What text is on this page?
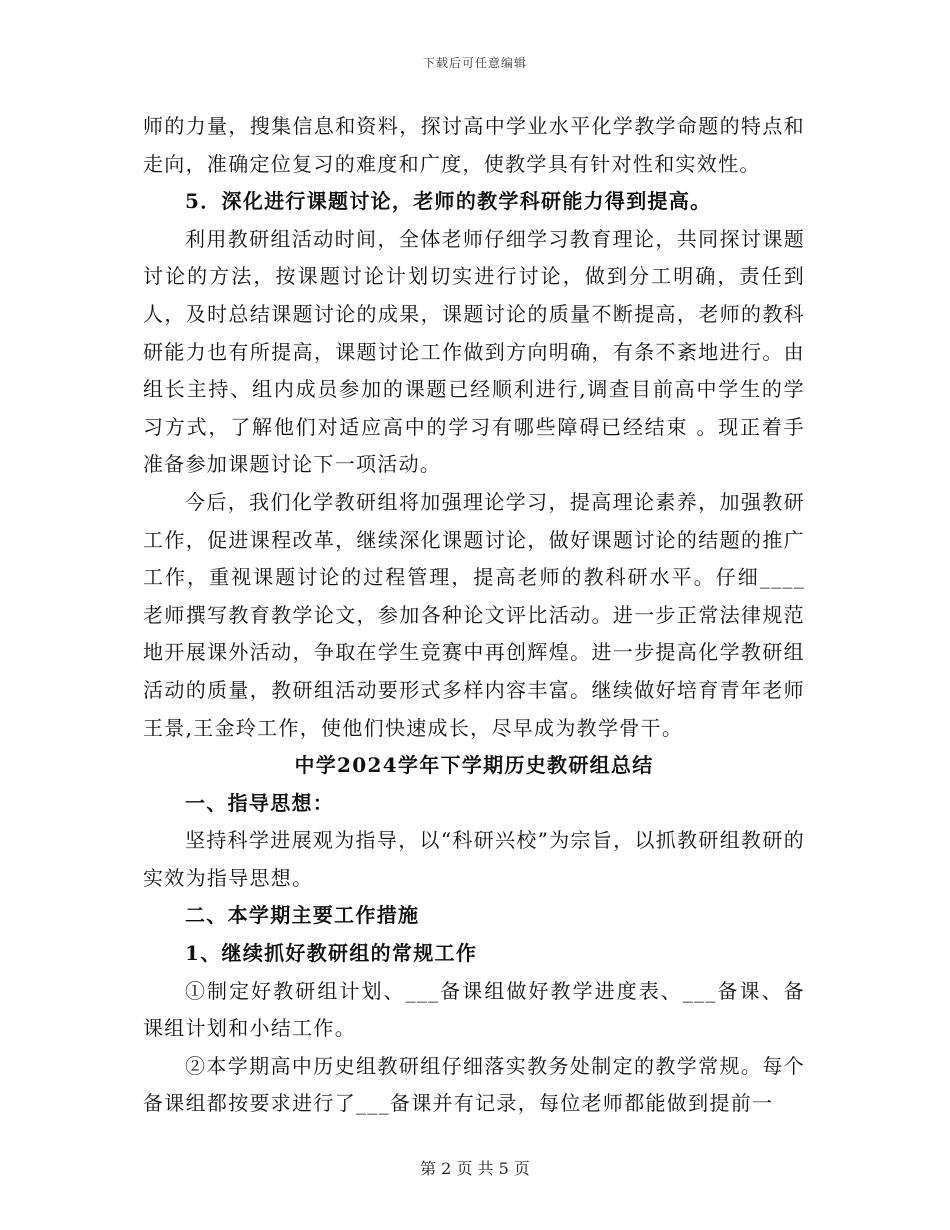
下载后可任意编辑

师的力量，搜集信息和资料，探讨高中学业水平化学教学命题的特点和走向，准确定位复习的难度和广度，使教学具有针对性和实效性。

5．深化进行课题讨论，老师的教学科研能力得到提高。

利用教研组活动时间，全体老师仔细学习教育理论，共同探讨课题讨论的方法，按课题讨论计划切实进行讨论，做到分工明确，责任到人，及时总结课题讨论的成果，课题讨论的质量不断提高，老师的教科研能力也有所提高，课题讨论工作做到方向明确，有条不紊地进行。由组长主持、组内成员参加的课题已经顺利进行,调查目前高中学生的学习方式，了解他们对适应高中的学习有哪些障碍已经结束 。现正着手准备参加课题讨论下一项活动。

今后，我们化学教研组将加强理论学习，提高理论素养，加强教研工作，促进课程改革，继续深化课题讨论，做好课题讨论的结题的推广工作，重视课题讨论的过程管理，提高老师的教科研水平。仔细____老师撰写教育教学论文，参加各种论文评比活动。进一步正常法律规范地开展课外活动，争取在学生竞赛中再创辉煌。进一步提高化学教研组活动的质量，教研组活动要形式多样内容丰富。继续做好培育青年老师王景,王金玲工作，使他们快速成长，尽早成为教学骨干。

中学2024学年下学期历史教研组总结

一、指导思想：

坚持科学进展观为指导，以“科研兴校”为宗旨，以抓教研组教研的实效为指导思想。

二、本学期主要工作措施

1、继续抓好教研组的常规工作

①制定好教研组计划、___备课组做好教学进度表、___备课、备课组计划和小结工作。

②本学期高中历史组教研组仔细落实教务处制定的教学常规。每个备课组都按要求进行了___备课并有记录，每位老师都能做到提前一

第 2 页 共 5 页
